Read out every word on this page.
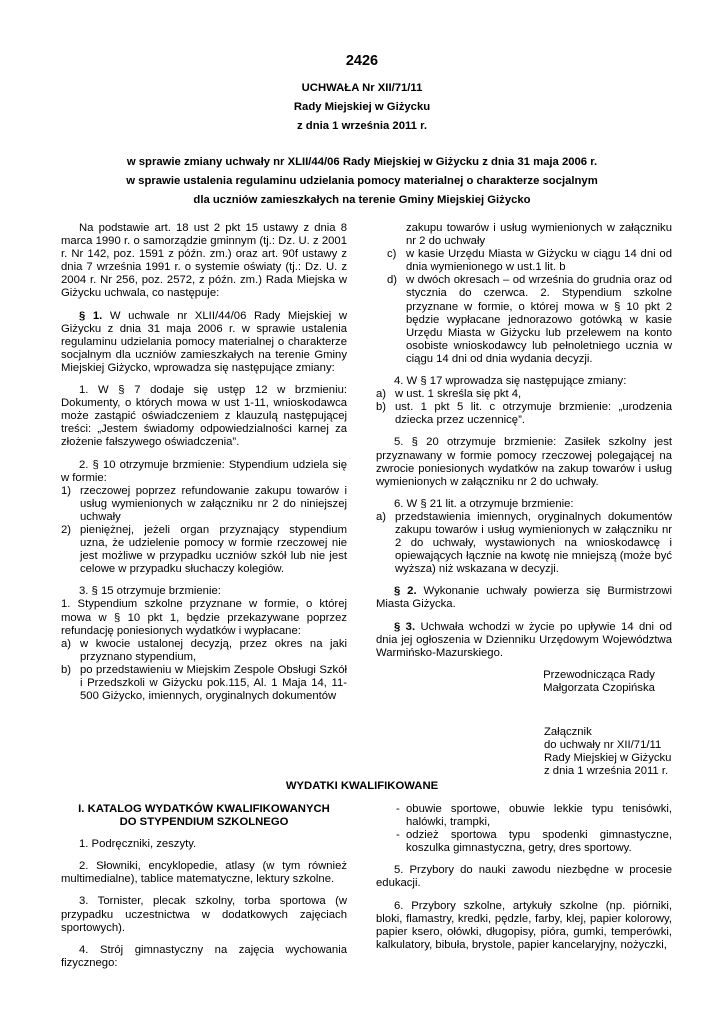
2426
UCHWAŁA Nr XII/71/11
Rady Miejskiej w Giżycku
z dnia 1 września 2011 r.
w sprawie zmiany uchwały nr XLII/44/06 Rady Miejskiej w Giżycku z dnia 31 maja 2006 r.
w sprawie ustalenia regulaminu udzielania pomocy materialnej o charakterze socjalnym
dla uczniów zamieszkałych na terenie Gminy Miejskiej Giżycko

Na podstawie art. 18 ust 2 pkt 15 ustawy z dnia 8 marca 1990 r. o samorządzie gminnym (tj.: Dz. U. z 2001 r. Nr 142, poz. 1591 z późn. zm.) oraz art. 90f ustawy z dnia 7 września 1991 r. o systemie oświaty (tj.: Dz. U. z 2004 r. Nr 256, poz. 2572, z późn. zm.) Rada Miejska w Giżycku uchwala, co następuje:

§ 1. W uchwale nr XLII/44/06 Rady Miejskiej w Giżycku z dnia 31 maja 2006 r. w sprawie ustalenia regulaminu udzielania pomocy materialnej o charakterze socjalnym dla uczniów zamieszkałych na terenie Gminy Miejskiej Giżycko, wprowadza się następujące zmiany:

1. W § 7 dodaje się ustęp 12 w brzmieniu: Dokumenty, o których mowa w ust 1-11, wnioskodawca może zastąpić oświadczeniem z klauzulą następującej treści: „Jestem świadomy odpowiedzialności karnej za złożenie fałszywego oświadczenia”.

2. § 10 otrzymuje brzmienie: Stypendium udziela się w formie:

1) rzeczowej poprzez refundowanie zakupu towarów i usług wymienionych w załączniku nr 2 do niniejszej uchwały
2) pieniężnej, jeżeli organ przyznający stypendium uzna, że udzielenie pomocy w formie rzeczowej nie jest możliwe w przypadku uczniów szkół lub nie jest celowe w przypadku słuchaczy kolegiów.

3. § 15 otrzymuje brzmienie:

1. Stypendium szkolne przyznane w formie, o której mowa w § 10 pkt 1, będzie przekazywane poprzez refundację poniesionych wydatków i wypłacane:

a) w kwocie ustalonej decyzją, przez okres na jaki przyznano stypendium,
b) po przedstawieniu w Miejskim Zespole Obsługi Szkół i Przedszkoli w Giżycku pok.115, Al. 1 Maja 14, 11-500 Giżycko, imiennych, oryginalnych dokumentów

zakupu towarów i usług wymienionych w załączniku nr 2 do uchwały

c) w kasie Urzędu Miasta w Giżycku w ciągu 14 dni od dnia wymienionego w ust.1 lit. b
d) w dwóch okresach – od września do grudnia oraz od stycznia do czerwca. 2. Stypendium szkolne przyznane w formie, o której mowa w § 10 pkt 2 będzie wypłacane jednorazowo gotówką w kasie Urzędu Miasta w Giżycku lub przelewem na konto osobiste wnioskodawcy lub pełnoletniego ucznia w ciągu 14 dni od dnia wydania decyzji.

4. W § 17 wprowadza się następujące zmiany:

a) w ust. 1 skreśla się pkt 4,
b) ust. 1 pkt 5 lit. c otrzymuje brzmienie: „urodzenia dziecka przez uczennicę”.

5. § 20 otrzymuje brzmienie: Zasiłek szkolny jest przyznawany w formie pomocy rzeczowej polegającej na zwrocie poniesionych wydatków na zakup towarów i usług wymienionych w załączniku nr 2 do uchwały.

6. W § 21 lit. a otrzymuje brzmienie:

a) przedstawienia imiennych, oryginalnych dokumentów zakupu towarów i usług wymienionych w załączniku nr 2 do uchwały, wystawionych na wnioskodawcę i opiewających łącznie na kwotę nie mniejszą (może być wyższa) niż wskazana w decyzji.

§ 2. Wykonanie uchwały powierza się Burmistrzowi Miasta Giżycka.

§ 3. Uchwała wchodzi w życie po upływie 14 dni od dnia jej ogłoszenia w Dzienniku Urzędowym Województwa Warmińsko-Mazurskiego.

Przewodnicząca Rady
Małgorzata Czopińska
Załącznik
do uchwały nr XII/71/11
Rady Miejskiej w Giżycku
z dnia 1 września 2011 r.
WYDATKI KWALIFIKOWANE
I. KATALOG WYDATKÓW KWALIFIKOWANYCH
DO STYPENDIUM SZKOLNEGO

1. Podręczniki, zeszyty.

2. Słowniki, encyklopedie, atlasy (w tym również multimedialne), tablice matematyczne, lektury szkolne.

3. Tornister, plecak szkolny, torba sportowa (w przypadku uczestnictwa w dodatkowych zajęciach sportowych).

4. Strój gimnastyczny na zajęcia wychowania fizycznego:

- obuwie sportowe, obuwie lekkie typu tenisówki, halówki, trampki,
- odzież sportowa typu spodenki gimnastyczne, koszulka gimnastyczna, getry, dres sportowy.

5. Przybory do nauki zawodu niezbędne w procesie edukacji.

6. Przybory szkolne, artykuły szkolne (np. piórniki, bloki, flamastry, kredki, pędzle, farby, klej, papier kolorowy, papier ksero, ołówki, długopisy, pióra, gumki, temperówki, kalkulatory, bibuła, brystole, papier kancelaryjny, nożyczki,
